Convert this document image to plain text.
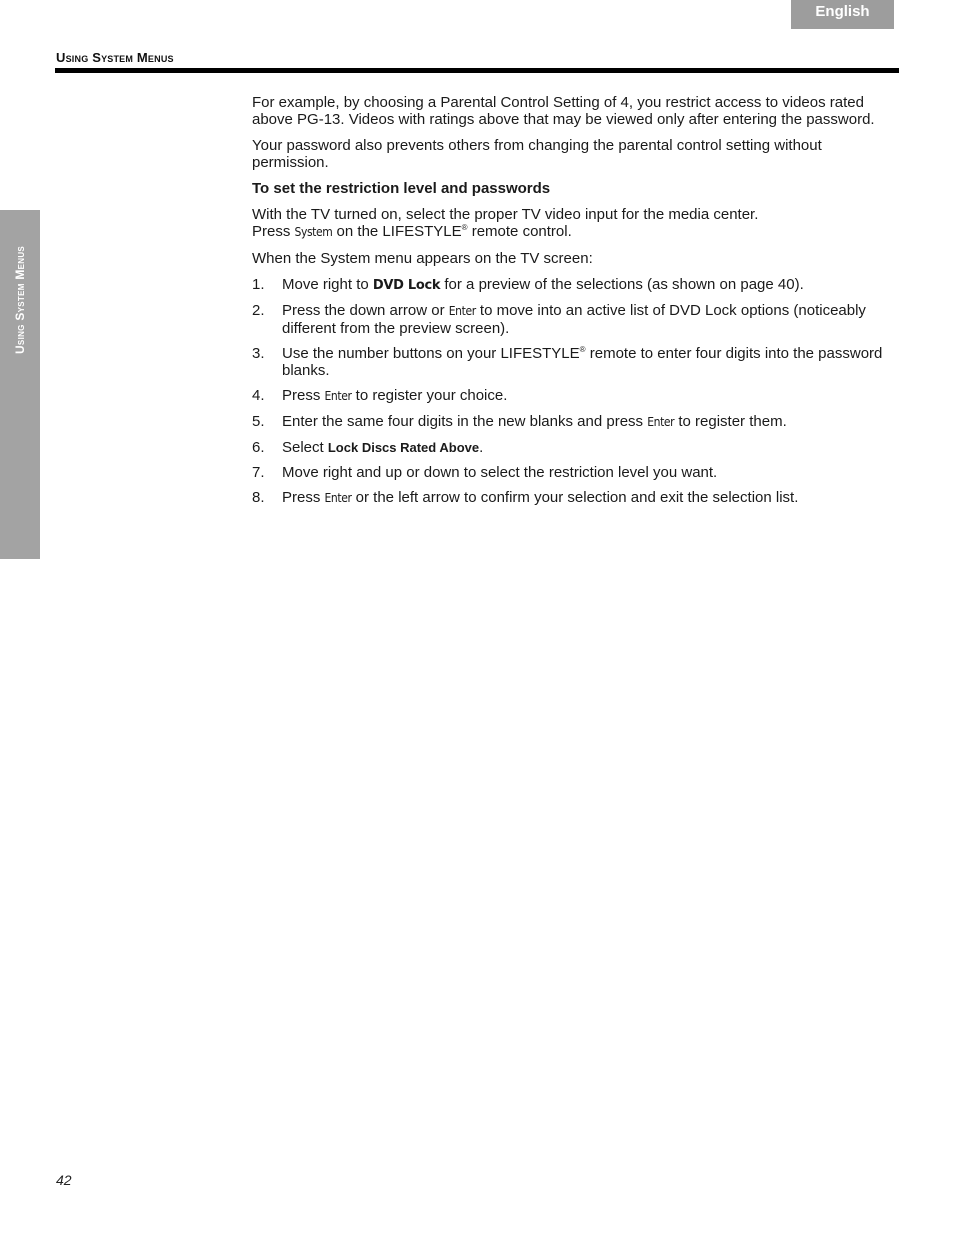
English
Using System Menus
Using System Menus

For example, by choosing a Parental Control Setting of 4, you restrict access to videos rated above PG-13. Videos with ratings above that may be viewed only after entering the password.

Your password also prevents others from changing the parental control setting without permission.

To set the restriction level and passwords

With the TV turned on, select the proper TV video input for the media center.
Press System on the LIFESTYLE® remote control.

When the System menu appears on the TV screen:

1. Move right to DVD Lock for a preview of the selections (as shown on page 40).
2. Press the down arrow or Enter to move into an active list of DVD Lock options (noticeably different from the preview screen).
3. Use the number buttons on your LIFESTYLE® remote to enter four digits into the password blanks.
4. Press Enter to register your choice.
5. Enter the same four digits in the new blanks and press Enter to register them.
6. Select Lock Discs Rated Above.
7. Move right and up or down to select the restriction level you want.
8. Press Enter or the left arrow to confirm your selection and exit the selection list.
42
